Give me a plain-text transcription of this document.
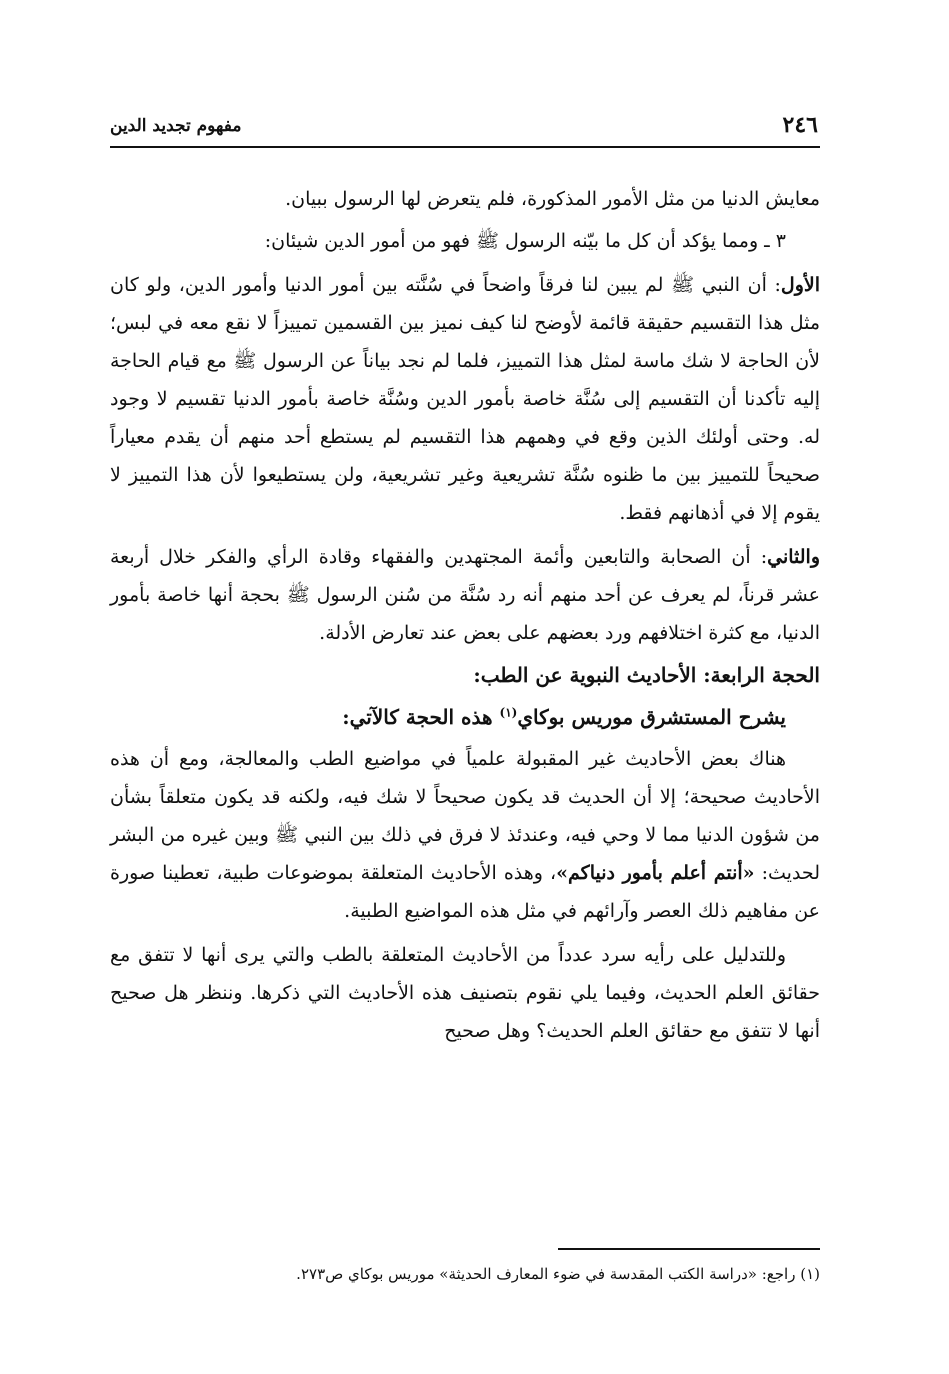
٢٤٦
مفهوم تجديد الدين

معايش الدنيا من مثل الأمور المذكورة، فلم يتعرض لها الرسول ببيان.

٣ ـ ومما يؤكد أن كل ما بيّنه الرسول ﷺ فهو من أمور الدين شيئان:

الأول: أن النبي ﷺ لم يبين لنا فرقاً واضحاً في سُنَّته بين أمور الدنيا وأمور الدين، ولو كان مثل هذا التقسيم حقيقة قائمة لأوضح لنا كيف نميز بين القسمين تمييزاً لا نقع معه في لبس؛ لأن الحاجة لا شك ماسة لمثل هذا التمييز، فلما لم نجد بياناً عن الرسول ﷺ مع قيام الحاجة إليه تأكدنا أن التقسيم إلى سُنَّة خاصة بأمور الدين وسُنَّة خاصة بأمور الدنيا تقسيم لا وجود له. وحتى أولئك الذين وقع في وهمهم هذا التقسيم لم يستطع أحد منهم أن يقدم معياراً صحيحاً للتمييز بين ما ظنوه سُنَّة تشريعية وغير تشريعية، ولن يستطيعوا لأن هذا التمييز لا يقوم إلا في أذهانهم فقط.

والثاني: أن الصحابة والتابعين وأئمة المجتهدين والفقهاء وقادة الرأي والفكر خلال أربعة عشر قرناً، لم يعرف عن أحد منهم أنه رد سُنَّة من سُنن الرسول ﷺ بحجة أنها خاصة بأمور الدنيا، مع كثرة اختلافهم ورد بعضهم على بعض عند تعارض الأدلة.

الحجة الرابعة: الأحاديث النبوية عن الطب:

يشرح المستشرق موريس بوكاي$^{(١)}$ هذه الحجة كالآتي:

هناك بعض الأحاديث غير المقبولة علمياً في مواضيع الطب والمعالجة، ومع أن هذه الأحاديث صحيحة؛ إلا أن الحديث قد يكون صحيحاً لا شك فيه، ولكنه قد يكون متعلقاً بشأن من شؤون الدنيا مما لا وحي فيه، وعندئذ لا فرق في ذلك بين النبي ﷺ وبين غيره من البشر لحديث: «أنتم أعلم بأمور دنياكم»، وهذه الأحاديث المتعلقة بموضوعات طبية، تعطينا صورة عن مفاهيم ذلك العصر وآرائهم في مثل هذه المواضيع الطبية.

وللتدليل على رأيه سرد عدداً من الأحاديث المتعلقة بالطب والتي يرى أنها لا تتفق مع حقائق العلم الحديث، وفيما يلي نقوم بتصنيف هذه الأحاديث التي ذكرها. وننظر هل صحيح أنها لا تتفق مع حقائق العلم الحديث؟ وهل صحيح

(١) راجع: «دراسة الكتب المقدسة في ضوء المعارف الحديثة» موريس بوكاي ص٢٧٣.
